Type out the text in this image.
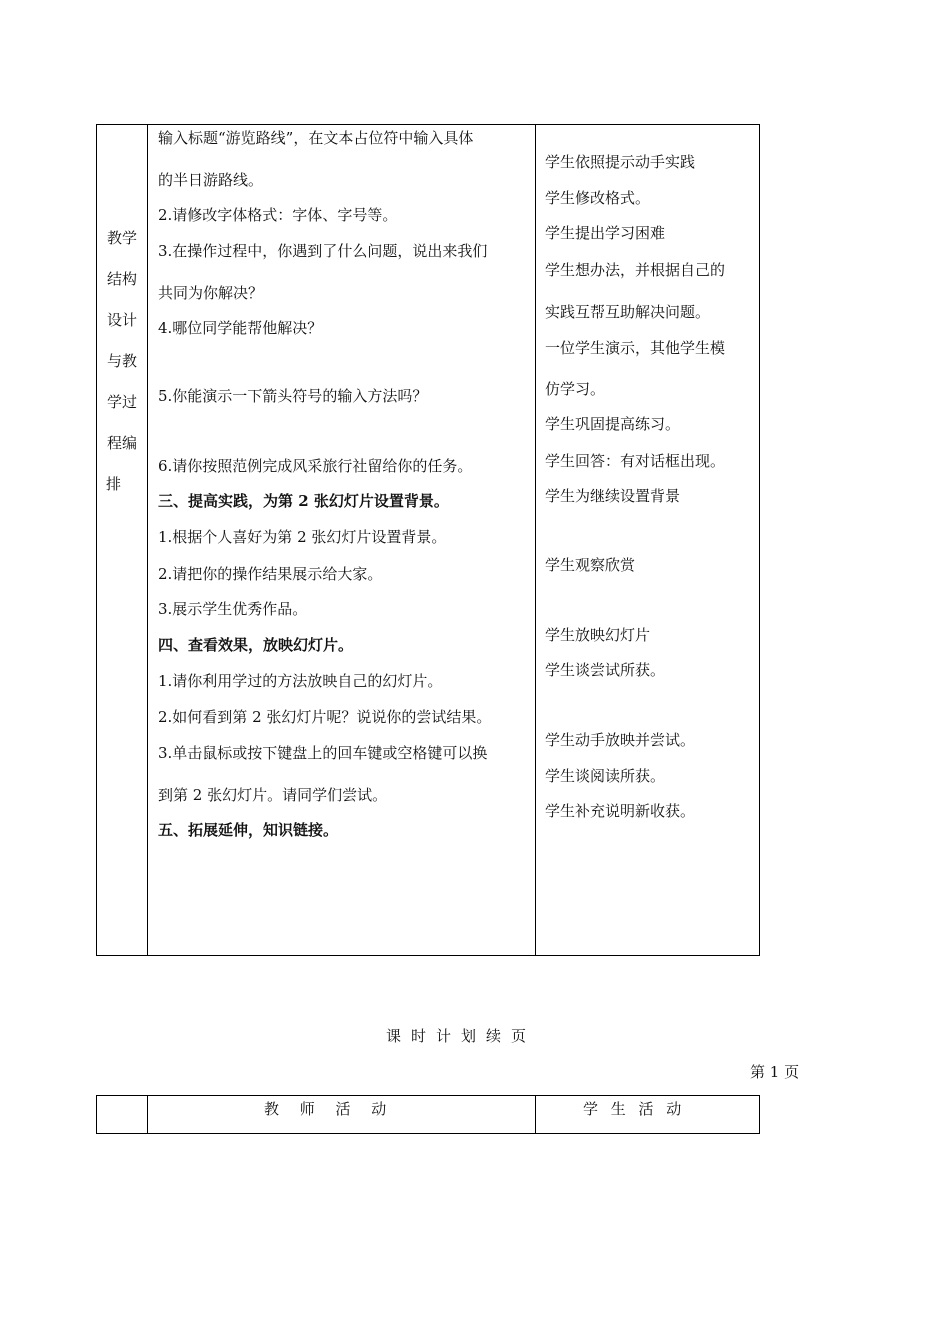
教学
结构
设计
与教
学过
程编
排
输入标题“游览路线”，在文本占位符中输入具体
的半日游路线。
2.请修改字体格式：字体、字号等。
3.在操作过程中，你遇到了什么问题，说出来我们
共同为你解决？
4.哪位同学能帮他解决？
5.你能演示一下箭头符号的输入方法吗？
6.请你按照范例完成风采旅行社留给你的任务。
三、提高实践，为第 2 张幻灯片设置背景。
1.根据个人喜好为第 2 张幻灯片设置背景。
2.请把你的操作结果展示给大家。
3.展示学生优秀作品。
四、查看效果，放映幻灯片。
1.请你利用学过的方法放映自己的幻灯片。
2.如何看到第 2 张幻灯片呢？说说你的尝试结果。
3.单击鼠标或按下键盘上的回车键或空格键可以换
到第 2 张幻灯片。请同学们尝试。
五、拓展延伸，知识链接。
学生依照提示动手实践
学生修改格式。
学生提出学习困难
学生想办法，并根据自己的
实践互帮互助解决问题。
一位学生演示，其他学生模
仿学习。
学生巩固提高练习。
学生回答：有对话框出现。
学生为继续设置背景
学生观察欣赏
学生放映幻灯片
学生谈尝试所获。
学生动手放映并尝试。
学生谈阅读所获。
学生补充说明新收获。
课时计划续页
第 1 页
教 师 活 动	学 生 活 动
